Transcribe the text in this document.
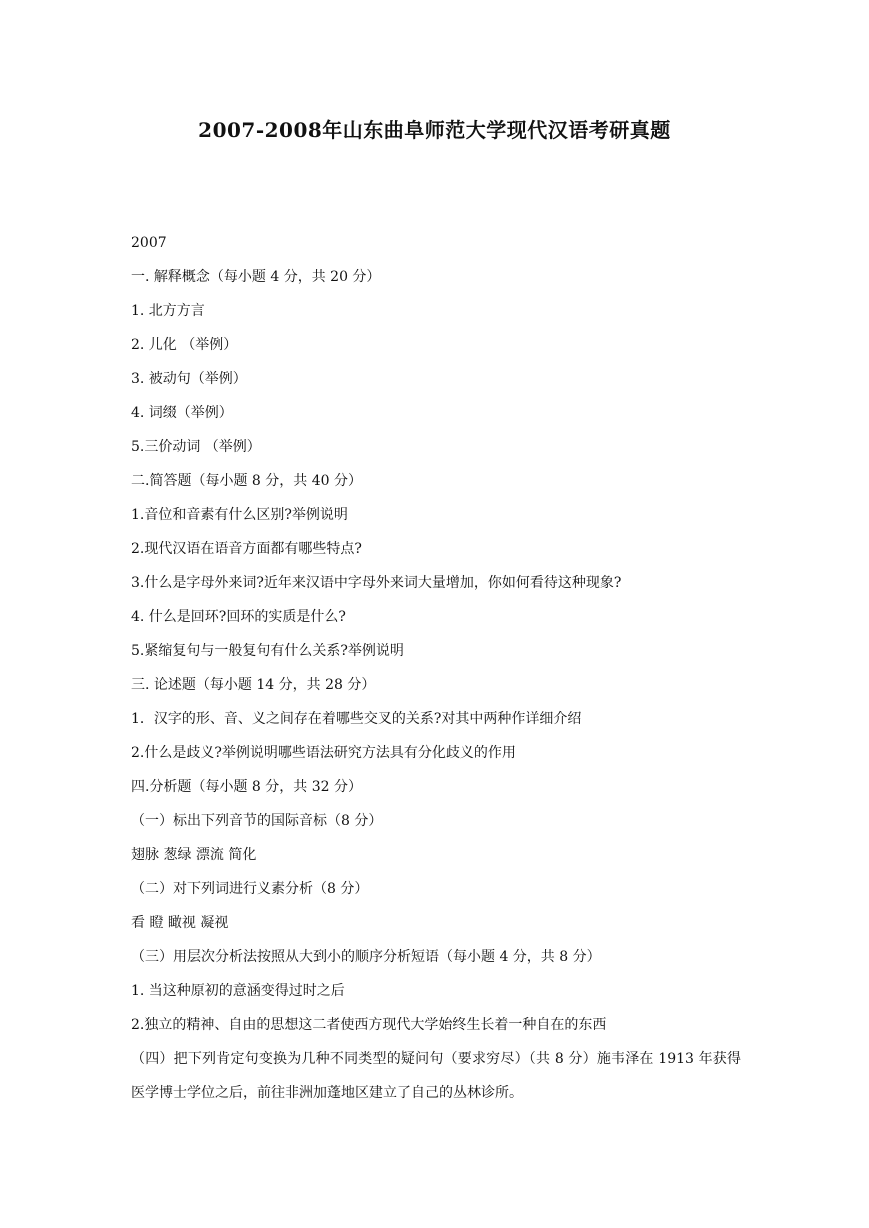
2007-2008年山东曲阜师范大学现代汉语考研真题
2007
一. 解释概念（每小题 4 分，共 20 分）
1. 北方方言
2. 儿化 （举例）
3. 被动句（举例）
4. 词缀（举例）
5.三价动词 （举例）
二.简答题（每小题 8 分，共 40 分）
1.音位和音素有什么区别?举例说明
2.现代汉语在语音方面都有哪些特点?
3.什么是字母外来词?近年来汉语中字母外来词大量增加，你如何看待这种现象?
4. 什么是回环?回环的实质是什么?
5.紧缩复句与一般复句有什么关系?举例说明
三. 论述题（每小题 14 分，共 28 分）
1．汉字的形、音、义之间存在着哪些交叉的关系?对其中两种作详细介绍
2.什么是歧义?举例说明哪些语法研究方法具有分化歧义的作用
四.分析题（每小题 8 分，共 32 分）
（一）标出下列音节的国际音标（8 分）
翅脉 葱绿 漂流 简化
（二）对下列词进行义素分析（8 分）
看 瞪 瞰视 凝视
（三）用层次分析法按照从大到小的顺序分析短语（每小题 4 分，共 8 分）
1. 当这种原初的意涵变得过时之后
2.独立的精神、自由的思想这二者使西方现代大学始终生长着一种自在的东西
（四）把下列肯定句变换为几种不同类型的疑问句（要求穷尽）（共 8 分）施韦泽在 1913 年获得医学博士学位之后，前往非洲加蓬地区建立了自己的丛林诊所。
